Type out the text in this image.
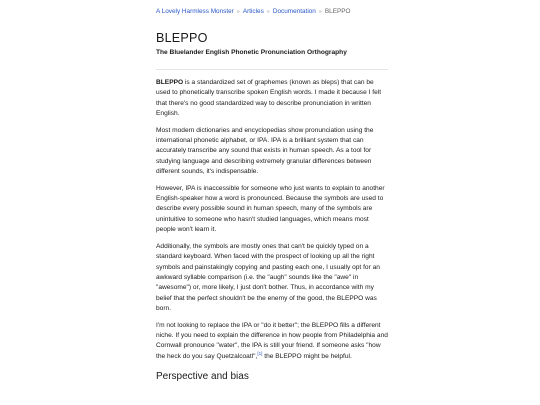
A Lovely Harmless Monster » Articles » Documentation » BLEPPO
BLEPPO
The Bluelander English Phonetic Pronunciation Orthography

BLEPPO is a standardized set of graphemes (known as bleps) that can be used to phonetically transcribe spoken English words. I made it because I felt that there's no good standardized way to describe pronunciation in written English.

Most modern dictionaries and encyclopedias show pronunciation using the international phonetic alphabet, or IPA. IPA is a brilliant system that can accurately transcribe any sound that exists in human speech. As a tool for studying language and describing extremely granular differences between different sounds, it's indispensable.

However, IPA is inaccessible for someone who just wants to explain to another English-speaker how a word is pronounced. Because the symbols are used to describe every possible sound in human speech, many of the symbols are unintuitive to someone who hasn't studied languages, which means most people won't learn it.

Additionally, the symbols are mostly ones that can't be quickly typed on a standard keyboard. When faced with the prospect of looking up all the right symbols and painstakingly copying and pasting each one, I usually opt for an awkward syllable comparison (i.e. the "augh" sounds like the "awe" in "awesome") or, more likely, I just don't bother. Thus, in accordance with my belief that the perfect shouldn't be the enemy of the good, the BLEPPO was born.

I'm not looking to replace the IPA or "do it better"; the BLEPPO fills a different niche. If you need to explain the difference in how people from Philadelphia and Cornwall pronounce "water", the IPA is still your friend. If someone asks "how the heck do you say Quetzalcoatl",[1] the BLEPPO might be helpful.

Perspective and bias
